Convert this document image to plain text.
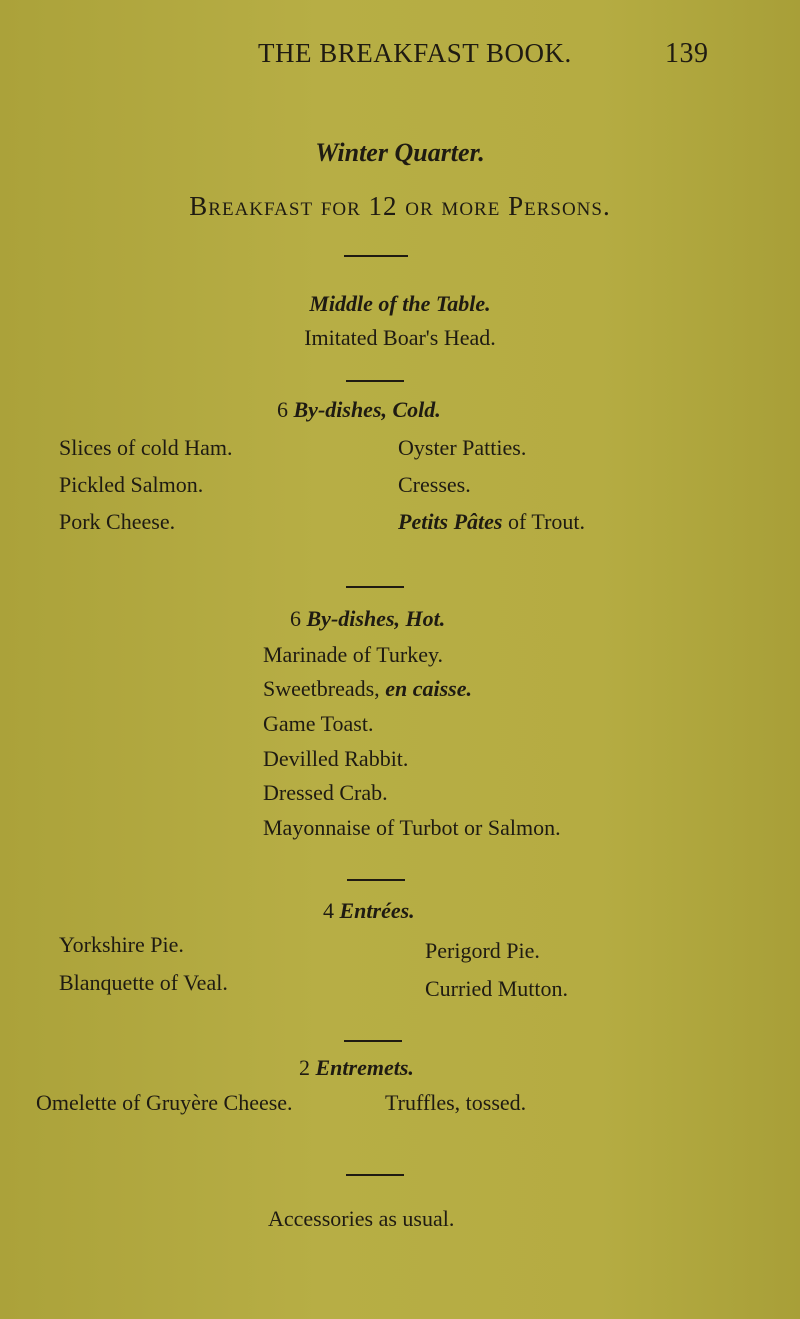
THE BREAKFAST BOOK.	139
Winter Quarter.
Breakfast for 12 or more Persons.
Middle of the Table.
Imitated Boar's Head.
6 By-dishes, Cold.
Slices of cold Ham.
Pickled Salmon.
Pork Cheese.
Oyster Patties.
Cresses.
Petits Pâtes of Trout.
6 By-dishes, Hot.
Marinade of Turkey.
Sweetbreads, en caisse.
Game Toast.
Devilled Rabbit.
Dressed Crab.
Mayonnaise of Turbot or Salmon.
4 Entrées.
Yorkshire Pie.
Blanquette of Veal.
Perigord Pie.
Curried Mutton.
2 Entremets.
Omelette of Gruyère Cheese.	Truffles, tossed.
Accessories as usual.
